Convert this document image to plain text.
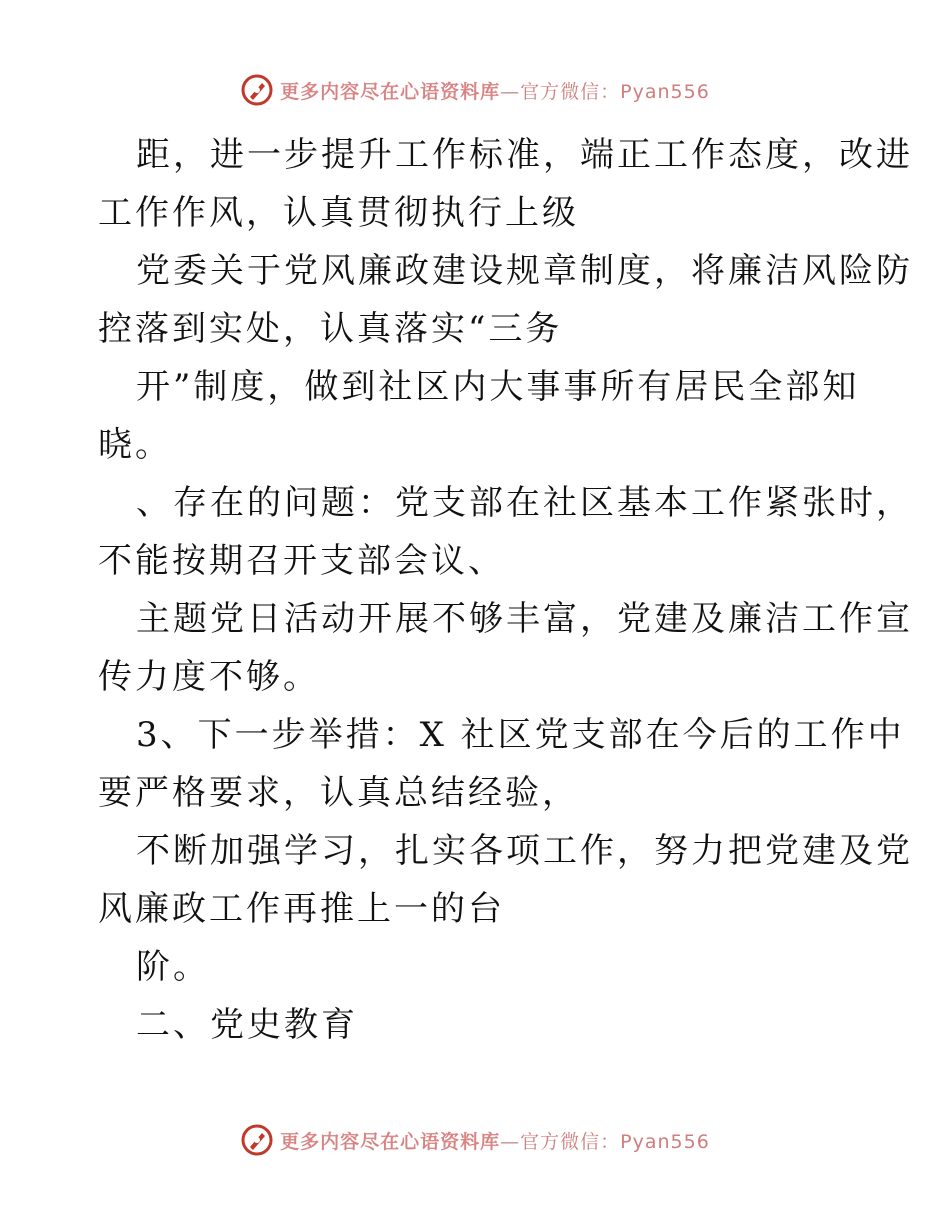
更多内容尽在心语资料库—官方微信：Pyan556
距，进一步提升工作标准，端正工作态度，改进
工作作风，认真贯彻执行上级
党委关于党风廉政建设规章制度，将廉洁风险防
控落到实处，认真落实“三务
开”制度，做到社区内大事事所有居民全部知
晓。
、存在的问题：党支部在社区基本工作紧张时，
不能按期召开支部会议、
主题党日活动开展不够丰富，党建及廉洁工作宣
传力度不够。
3、下一步举措：X 社区党支部在今后的工作中
要严格要求，认真总结经验，
不断加强学习，扎实各项工作，努力把党建及党
风廉政工作再推上一的台
阶。
二、党史教育
更多内容尽在心语资料库—官方微信：Pyan556
